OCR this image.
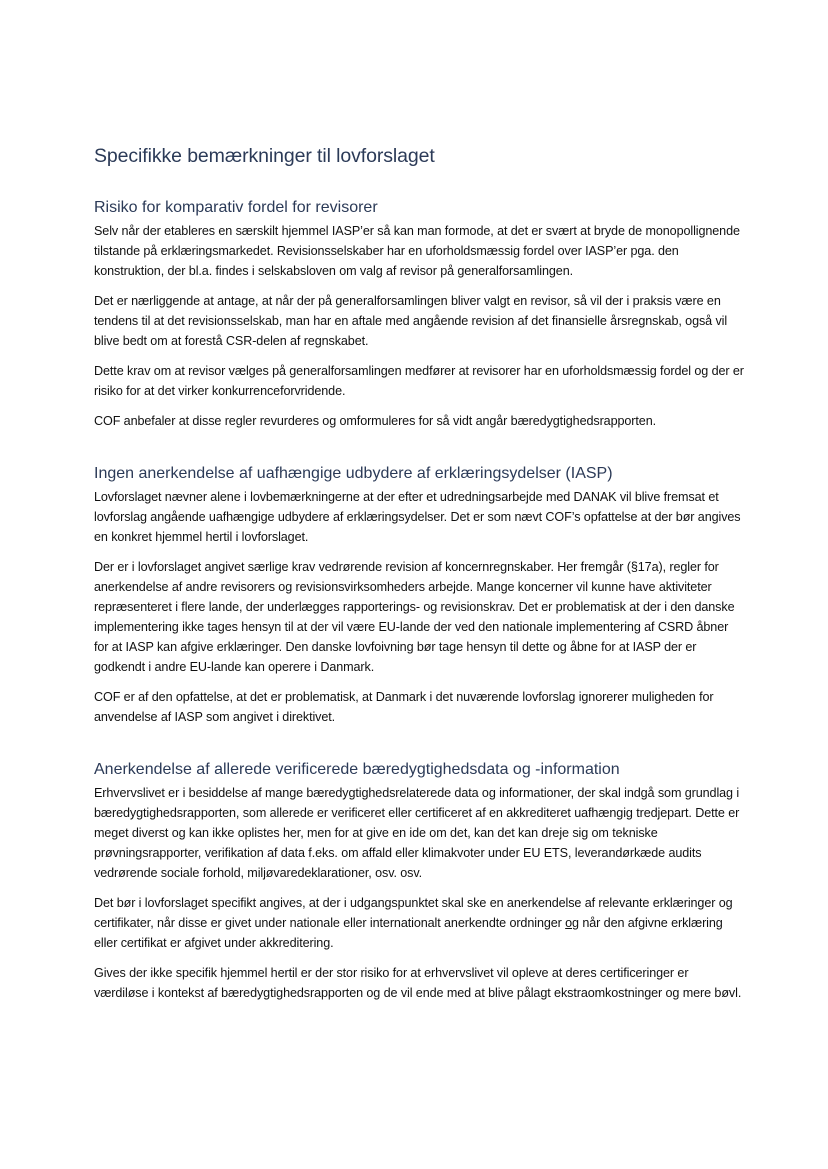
Specifikke bemærkninger til lovforslaget
Risiko for komparativ fordel for revisorer

Selv når der etableres en særskilt hjemmel IASP’er så kan man formode, at det er svært at bryde de monopollignende tilstande på erklæringsmarkedet. Revisionsselskaber har en uforholdsmæssig fordel over IASP’er pga. den konstruktion, der bl.a. findes i selskabsloven om valg af revisor på generalforsamlingen.

Det er nærliggende at antage, at når der på generalforsamlingen bliver valgt en revisor, så vil der i praksis være en tendens til at det revisionsselskab, man har en aftale med angående revision af det finansielle årsregnskab, også vil blive bedt om at forestå CSR-delen af regnskabet.

Dette krav om at revisor vælges på generalforsamlingen medfører at revisorer har en uforholdsmæssig fordel og der er risiko for at det virker konkurrenceforvridende.

COF anbefaler at disse regler revurderes og omformuleres for så vidt angår bæredygtighedsrapporten.

Ingen anerkendelse af uafhængige udbydere af erklæringsydelser (IASP)

Lovforslaget nævner alene i lovbemærkningerne at der efter et udredningsarbejde med DANAK vil blive fremsat et lovforslag angående uafhængige udbydere af erklæringsydelser. Det er som nævt COF’s opfattelse at der bør angives en konkret hjemmel hertil i lovforslaget.

Der er i lovforslaget angivet særlige krav vedrørende revision af koncernregnskaber. Her fremgår (§17a), regler for anerkendelse af andre revisorers og revisionsvirksomheders arbejde. Mange koncerner vil kunne have aktiviteter repræsenteret i flere lande, der underlægges rapporterings- og revisionskrav. Det er problematisk at der i den danske implementering ikke tages hensyn til at der vil være EU-lande der ved den nationale implementering af CSRD åbner for at IASP kan afgive erklæringer. Den danske lovfoivning bør tage hensyn til dette og åbne for at IASP der er godkendt i andre EU-lande kan operere i Danmark.

COF er af den opfattelse, at det er problematisk, at Danmark i det nuværende lovforslag ignorerer muligheden for anvendelse af IASP som angivet i direktivet.

Anerkendelse af allerede verificerede bæredygtighedsdata og -information

Erhvervslivet er i besiddelse af mange bæredygtighedsrelaterede data og informationer, der skal indgå som grundlag i bæredygtighedsrapporten, som allerede er verificeret eller certificeret af en akkrediteret uafhængig tredjepart. Dette er meget diverst og kan ikke oplistes her, men for at give en ide om det, kan det kan dreje sig om tekniske prøvningsrapporter, verifikation af data f.eks. om affald eller klimakvoter under EU ETS, leverandørkæde audits vedrørende sociale forhold, miljøvaredeklarationer, osv. osv.

Det bør i lovforslaget specifikt angives, at der i udgangspunktet skal ske en anerkendelse af relevante erklæringer og certifikater, når disse er givet under nationale eller internationalt anerkendte ordninger og når den afgivne erklæring eller certifikat er afgivet under akkreditering.

Gives der ikke specifik hjemmel hertil er der stor risiko for at erhvervslivet vil opleve at deres certificeringer er værdiløse i kontekst af bæredygtighedsrapporten og de vil ende med at blive pålagt ekstraomkostninger og mere bøvl.
